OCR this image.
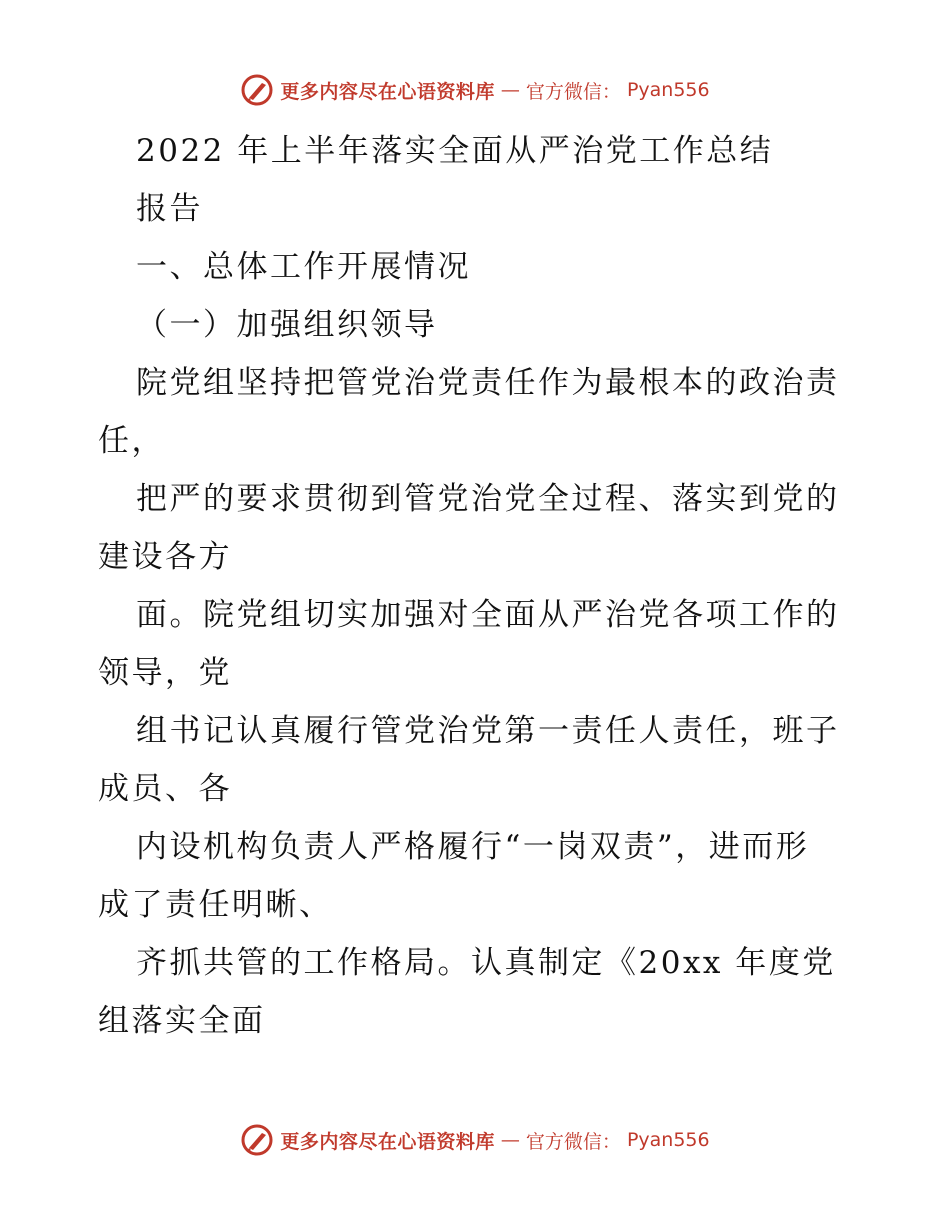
更多内容尽在心语资料库 — 官方微信： Pyan556
2022 年上半年落实全面从严治党工作总结
报告
一、总体工作开展情况
（一）加强组织领导
院党组坚持把管党治党责任作为最根本的政治责
任，
把严的要求贯彻到管党治党全过程、落实到党的
建设各方
面。院党组切实加强对全面从严治党各项工作的
领导，党
组书记认真履行管党治党第一责任人责任，班子
成员、各
内设机构负责人严格履行“一岗双责”，进而形
成了责任明晰、
齐抓共管的工作格局。认真制定《20xx 年度党
组落实全面
更多内容尽在心语资料库 — 官方微信： Pyan556
